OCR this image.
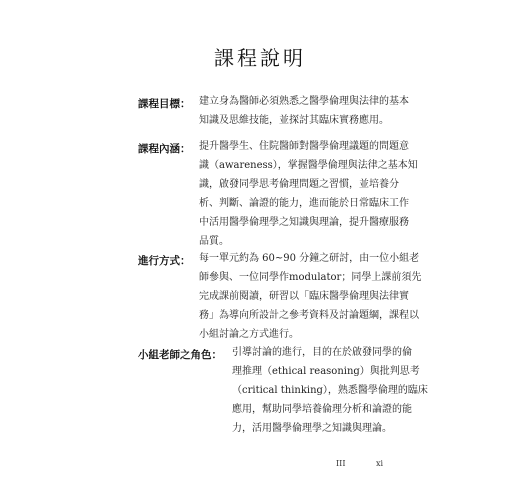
課程說明
課程目標： 建立身為醫師必須熟悉之醫學倫理與法律的基本
知識及思維技能，並探討其臨床實務應用。
課程內涵： 提升醫學生、住院醫師對醫學倫理議題的問題意
識（awareness），掌握醫學倫理與法律之基本知
識，啟發同學思考倫理問題之習慣，並培養分
析、判斷、論證的能力，進而能於日常臨床工作
中活用醫學倫理學之知識與理論，提升醫療服務
品質。
進行方式： 每一單元約為 60~90 分鐘之研討，由一位小組老
師參與、一位同學作modulator；同學上課前須先
完成課前閱讀，研習以「臨床醫學倫理與法律實
務」為導向所設計之參考資料及討論題綱，課程以
小組討論之方式進行。
小組老師之角色： 引導討論的進行，目的在於啟發同學的倫
理推理（ethical reasoning）與批判思考
（critical thinking），熟悉醫學倫理的臨床
應用，幫助同學培養倫理分析和論證的能
力，活用醫學倫理學之知識與理論。
III	xi
